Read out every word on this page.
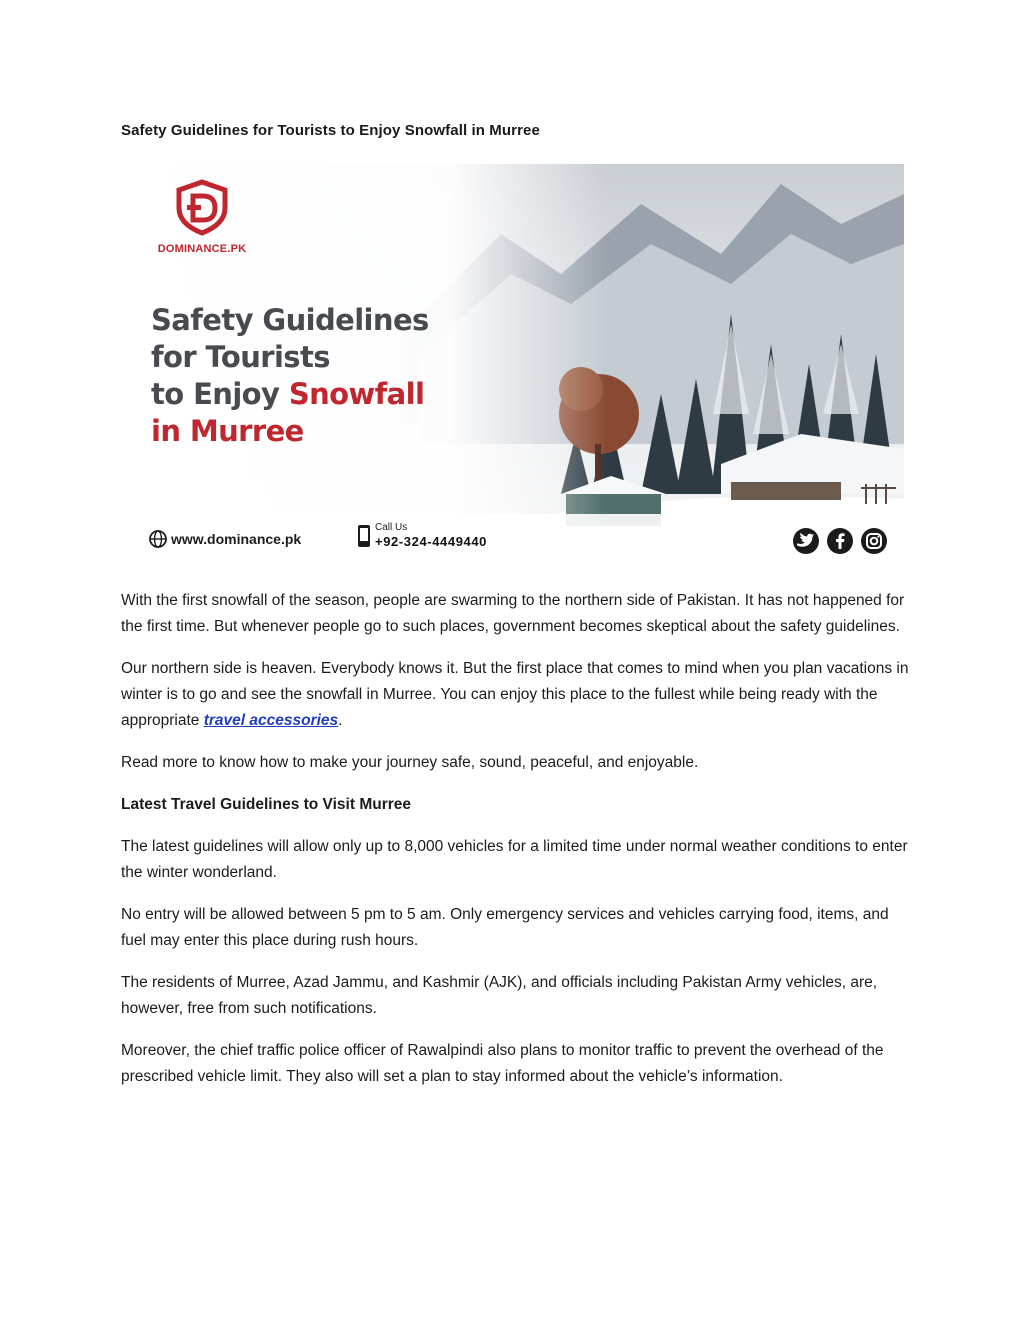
Safety Guidelines for Tourists to Enjoy Snowfall in Murree
DOMINANCE.PK
Safety Guidelines
for Tourists
to Enjoy Snowfall
in Murree
www.dominance.pk
Call Us
+92-324-4449440

With the first snowfall of the season, people are swarming to the northern side of Pakistan. It has not happened for the first time. But whenever people go to such places, government becomes skeptical about the safety guidelines.

Our northern side is heaven. Everybody knows it. But the first place that comes to mind when you plan vacations in winter is to go and see the snowfall in Murree. You can enjoy this place to the fullest while being ready with the appropriate travel accessories.

Read more to know how to make your journey safe, sound, peaceful, and enjoyable.

Latest Travel Guidelines to Visit Murree

The latest guidelines will allow only up to 8,000 vehicles for a limited time under normal weather conditions to enter the winter wonderland.

No entry will be allowed between 5 pm to 5 am. Only emergency services and vehicles carrying food, items, and fuel may enter this place during rush hours.

The residents of Murree, Azad Jammu, and Kashmir (AJK), and officials including Pakistan Army vehicles, are, however, free from such notifications.

Moreover, the chief traffic police officer of Rawalpindi also plans to monitor traffic to prevent the overhead of the prescribed vehicle limit. They also will set a plan to stay informed about the vehicle’s information.
